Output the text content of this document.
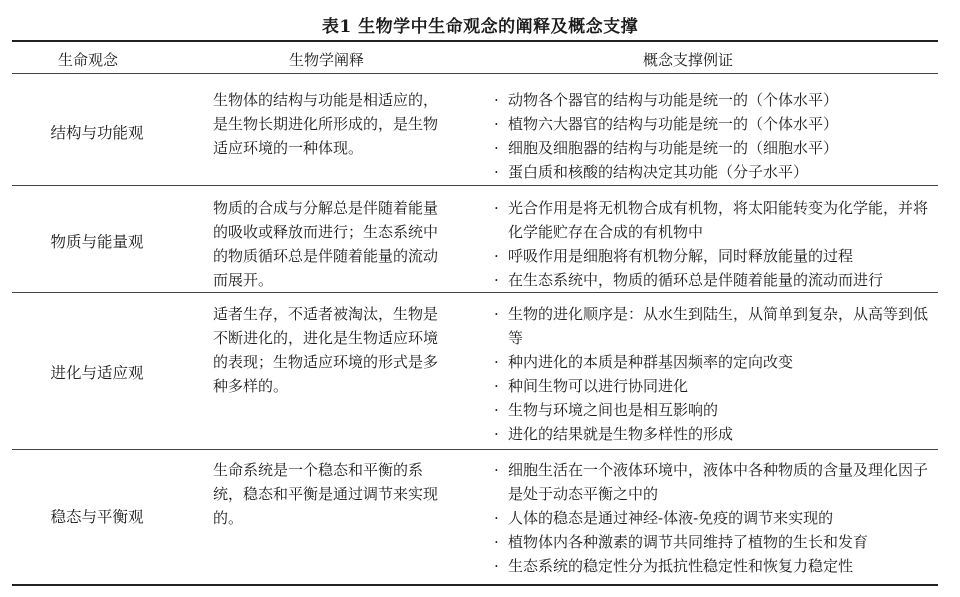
表1 生物学中生命观念的阐释及概念支撑
生命观念	生物学阐释	概念支撑例证
结构与功能观
生物体的结构与功能是相适应的，是生物长期进化所形成的，是生物适应环境的一种体现。
· 动物各个器官的结构与功能是统一的（个体水平）
· 植物六大器官的结构与功能是统一的（个体水平）
· 细胞及细胞器的结构与功能是统一的（细胞水平）
· 蛋白质和核酸的结构决定其功能（分子水平）
物质与能量观
物质的合成与分解总是伴随着能量的吸收或释放而进行；生态系统中的物质循环总是伴随着能量的流动而展开。
· 光合作用是将无机物合成有机物，将太阳能转变为化学能，并将化学能贮存在合成的有机物中
· 呼吸作用是细胞将有机物分解，同时释放能量的过程
· 在生态系统中，物质的循环总是伴随着能量的流动而进行
进化与适应观
适者生存，不适者被淘汰，生物是不断进化的，进化是生物适应环境的表现；生物适应环境的形式是多种多样的。
· 生物的进化顺序是：从水生到陆生，从简单到复杂，从高等到低等
· 种内进化的本质是种群基因频率的定向改变
· 种间生物可以进行协同进化
· 生物与环境之间也是相互影响的
· 进化的结果就是生物多样性的形成
稳态与平衡观
生命系统是一个稳态和平衡的系统，稳态和平衡是通过调节来实现的。
· 细胞生活在一个液体环境中，液体中各种物质的含量及理化因子是处于动态平衡之中的
· 人体的稳态是通过神经-体液-免疫的调节来实现的
· 植物体内各种激素的调节共同维持了植物的生长和发育
· 生态系统的稳定性分为抵抗性稳定性和恢复力稳定性
